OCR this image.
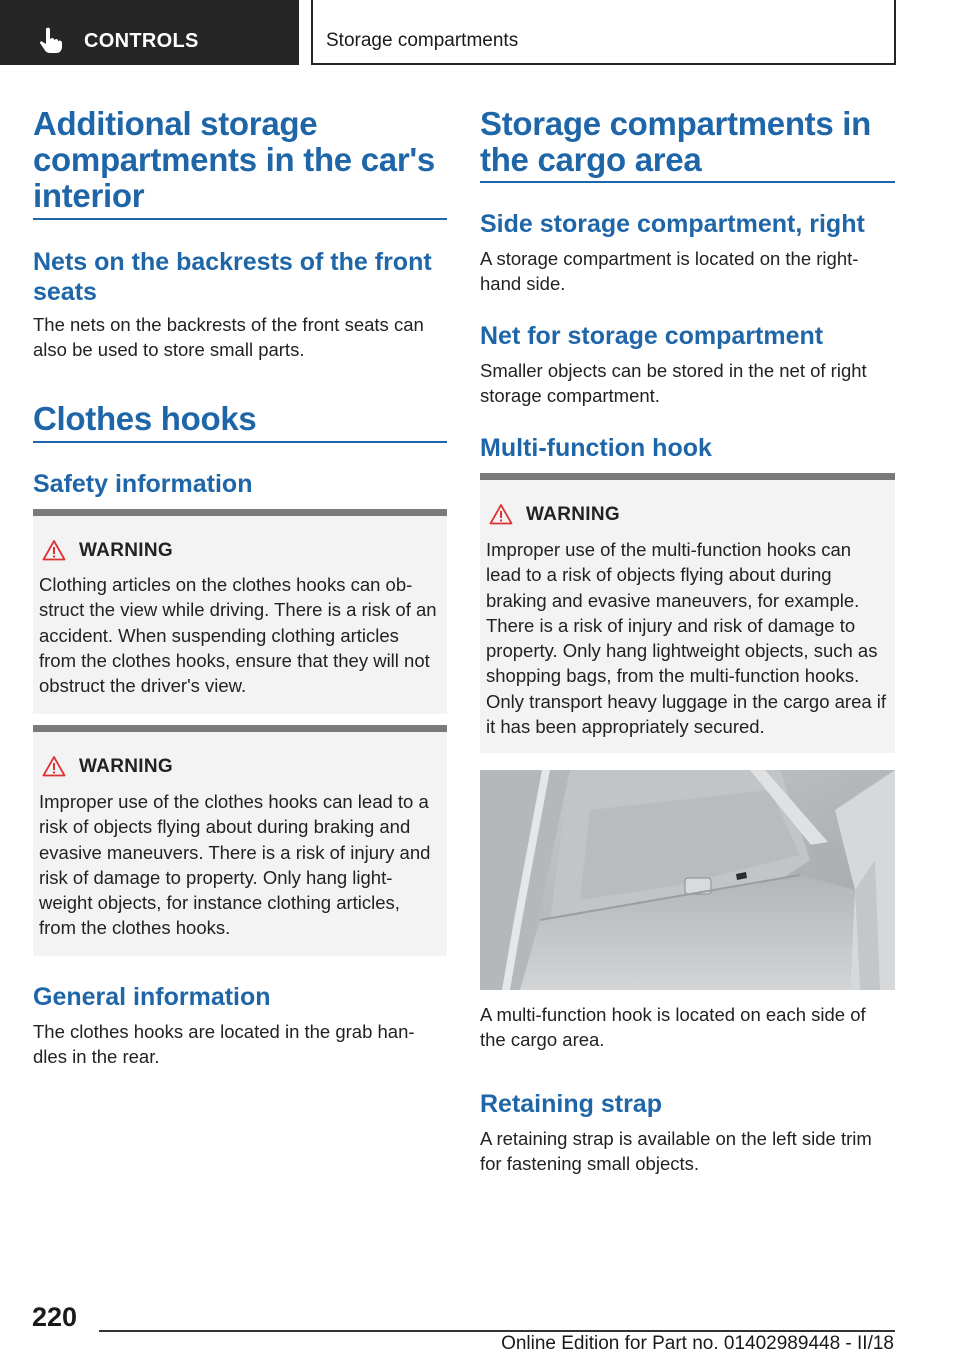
CONTROLS	Storage compartments
Additional storage compartments in the car's interior
Nets on the backrests of the front seats
The nets on the backrests of the front seats can also be used to store small parts.
Clothes hooks
Safety information
WARNING
Clothing articles on the clothes hooks can ob‐struct the view while driving. There is a risk of an accident. When suspending clothing articles from the clothes hooks, ensure that they will not obstruct the driver's view.
WARNING
Improper use of the clothes hooks can lead to a risk of objects flying about during braking and evasive maneuvers. There is a risk of injury and risk of damage to property. Only hang light‐weight objects, for instance clothing articles, from the clothes hooks.
General information
The clothes hooks are located in the grab han‐dles in the rear.
Storage compartments in the cargo area
Side storage compartment, right
A storage compartment is located on the right-hand side.
Net for storage compartment
Smaller objects can be stored in the net of right storage compartment.
Multi-function hook
WARNING
Improper use of the multi-function hooks can lead to a risk of objects flying about during braking and evasive maneuvers, for example. There is a risk of injury and risk of damage to property. Only hang lightweight objects, such as shopping bags, from the multi-function hooks. Only transport heavy luggage in the cargo area if it has been appropriately secured.
A multi-function hook is located on each side of the cargo area.
Retaining strap
A retaining strap is available on the left side trim for fastening small objects.
220
Online Edition for Part no. 01402989448 - II/18
